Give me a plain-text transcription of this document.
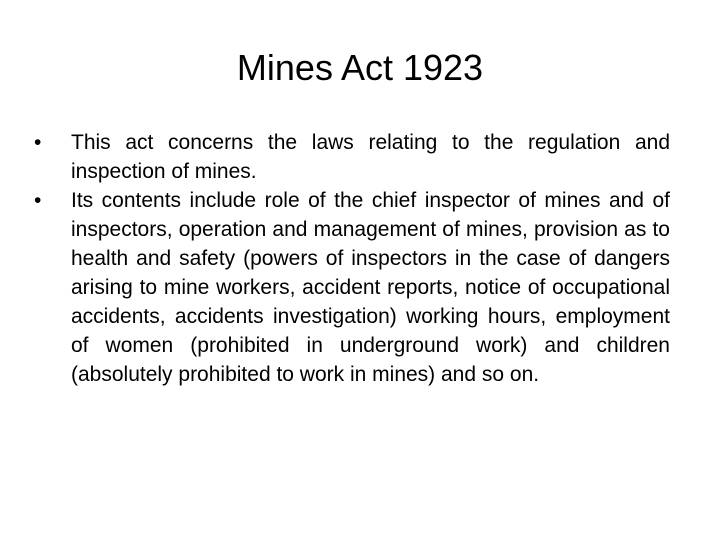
Mines Act 1923
•	This act concerns the laws relating to the regulation and inspection of mines.
•	Its contents include role of the chief inspector of mines and of inspectors, operation and management of mines, provision as to health and safety (powers of inspectors in the case of dangers arising to mine workers, accident reports, notice of occupational accidents, accidents investigation) working hours, employment of women (prohibited in underground work) and children (absolutely prohibited to work in mines) and so on.
